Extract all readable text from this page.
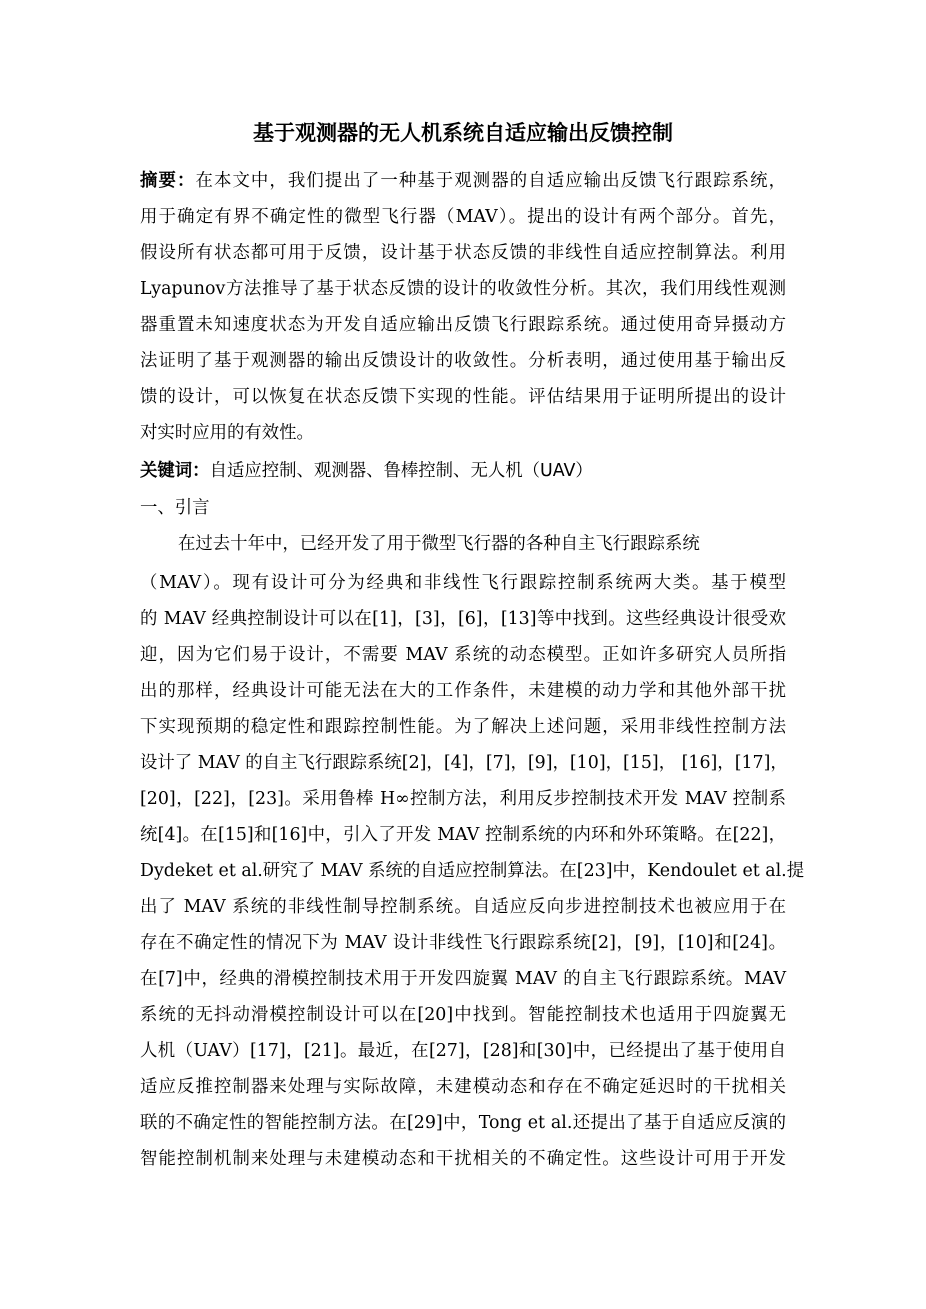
基于观测器的无人机系统自适应输出反馈控制
摘要：在本文中，我们提出了一种基于观测器的自适应输出反馈飞行跟踪系统，
用于确定有界不确定性的微型飞行器（MAV）。提出的设计有两个部分。首先，
假设所有状态都可用于反馈，设计基于状态反馈的非线性自适应控制算法。利用
Lyapunov方法推导了基于状态反馈的设计的收敛性分析。其次，我们用线性观测
器重置未知速度状态为开发自适应输出反馈飞行跟踪系统。通过使用奇异摄动方
法证明了基于观测器的输出反馈设计的收敛性。分析表明，通过使用基于输出反
馈的设计，可以恢复在状态反馈下实现的性能。评估结果用于证明所提出的设计
对实时应用的有效性。
关键词：自适应控制、观测器、鲁棒控制、无人机（UAV）
一、引言
在过去十年中，已经开发了用于微型飞行器的各种自主飞行跟踪系统
（MAV）。现有设计可分为经典和非线性飞行跟踪控制系统两大类。基于模型
的 MAV 经典控制设计可以在[1]，[3]，[6]，[13]等中找到。这些经典设计很受欢
迎，因为它们易于设计，不需要 MAV 系统的动态模型。正如许多研究人员所指
出的那样，经典设计可能无法在大的工作条件，未建模的动力学和其他外部干扰
下实现预期的稳定性和跟踪控制性能。为了解决上述问题，采用非线性控制方法
设计了 MAV 的自主飞行跟踪系统[2]，[4]，[7]，[9]，[10]，[15]， [16]，[17]，
[20]，[22]，[23]。采用鲁棒 H∞控制方法，利用反步控制技术开发 MAV 控制系
统[4]。在[15]和[16]中，引入了开发 MAV 控制系统的内环和外环策略。在[22]，
Dydeket et al.研究了 MAV 系统的自适应控制算法。在[23]中，Kendoulet et al.提
出了 MAV 系统的非线性制导控制系统。自适应反向步进控制技术也被应用于在
存在不确定性的情况下为 MAV 设计非线性飞行跟踪系统[2]，[9]，[10]和[24]。
在[7]中，经典的滑模控制技术用于开发四旋翼 MAV 的自主飞行跟踪系统。MAV
系统的无抖动滑模控制设计可以在[20]中找到。智能控制技术也适用于四旋翼无
人机（UAV）[17]，[21]。最近，在[27]，[28]和[30]中，已经提出了基于使用自
适应反推控制器来处理与实际故障，未建模动态和存在不确定延迟时的干扰相关
联的不确定性的智能控制方法。在[29]中，Tong et al.还提出了基于自适应反演的
智能控制机制来处理与未建模动态和干扰相关的不确定性。这些设计可用于开发
